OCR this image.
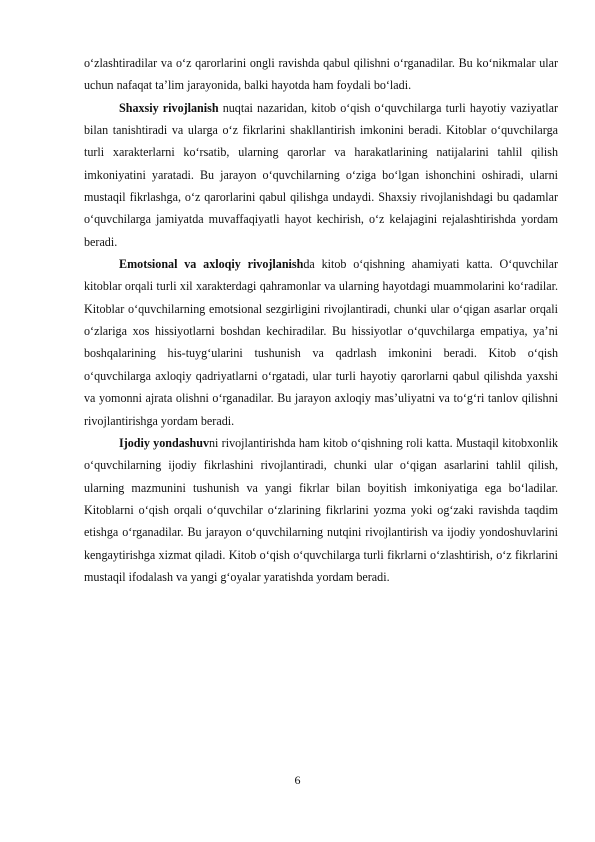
o‘zlashtiradilar va o‘z qarorlarini ongli ravishda qabul qilishni o‘rganadilar. Bu ko‘nikmalar ular uchun nafaqat ta’lim jarayonida, balki hayotda ham foydali bo‘ladi.

Shaxsiy rivojlanish nuqtai nazaridan, kitob o‘qish o‘quvchilarga turli hayotiy vaziyatlar bilan tanishtiradi va ularga o‘z fikrlarini shakllantirish imkonini beradi. Kitoblar o‘quvchilarga turli xarakterlarni ko‘rsatib, ularning qarorlar va harakatlarining natijalarini tahlil qilish imkoniyatini yaratadi. Bu jarayon o‘quvchilarning o‘ziga bo‘lgan ishonchini oshiradi, ularni mustaqil fikrlashga, o‘z qarorlarini qabul qilishga undaydi. Shaxsiy rivojlanishdagi bu qadamlar o‘quvchilarga jamiyatda muvaffaqiyatli hayot kechirish, o‘z kelajagini rejalashtirishda yordam beradi.

Emotsional va axloqiy rivojlanishda kitob o‘qishning ahamiyati katta. O‘quvchilar kitoblar orqali turli xil xarakterdagi qahramonlar va ularning hayotdagi muammolarini ko‘radilar. Kitoblar o‘quvchilarning emotsional sezgirligini rivojlantiradi, chunki ular o‘qigan asarlar orqali o‘zlariga xos hissiyotlarni boshdan kechiradilar. Bu hissiyotlar o‘quvchilarga empatiya, ya’ni boshqalarining his-tuyg‘ularini tushunish va qadrlash imkonini beradi. Kitob o‘qish o‘quvchilarga axloqiy qadriyatlarni o‘rgatadi, ular turli hayotiy qarorlarni qabul qilishda yaxshi va yomonni ajrata olishni o‘rganadilar. Bu jarayon axloqiy mas’uliyatni va to‘g‘ri tanlov qilishni rivojlantirishga yordam beradi.

Ijodiy yondashuvni rivojlantirishda ham kitob o‘qishning roli katta. Mustaqil kitobxonlik o‘quvchilarning ijodiy fikrlashini rivojlantiradi, chunki ular o‘qigan asarlarini tahlil qilish, ularning mazmunini tushunish va yangi fikrlar bilan boyitish imkoniyatiga ega bo‘ladilar. Kitoblarni o‘qish orqali o‘quvchilar o‘zlarining fikrlarini yozma yoki og‘zaki ravishda taqdim etishga o‘rganadilar. Bu jarayon o‘quvchilarning nutqini rivojlantirish va ijodiy yondoshuvlarini kengaytirishga xizmat qiladi. Kitob o‘qish o‘quvchilarga turli fikrlarni o‘zlashtirish, o‘z fikrlarini mustaqil ifodalash va yangi g‘oyalar yaratishda yordam beradi.

6
